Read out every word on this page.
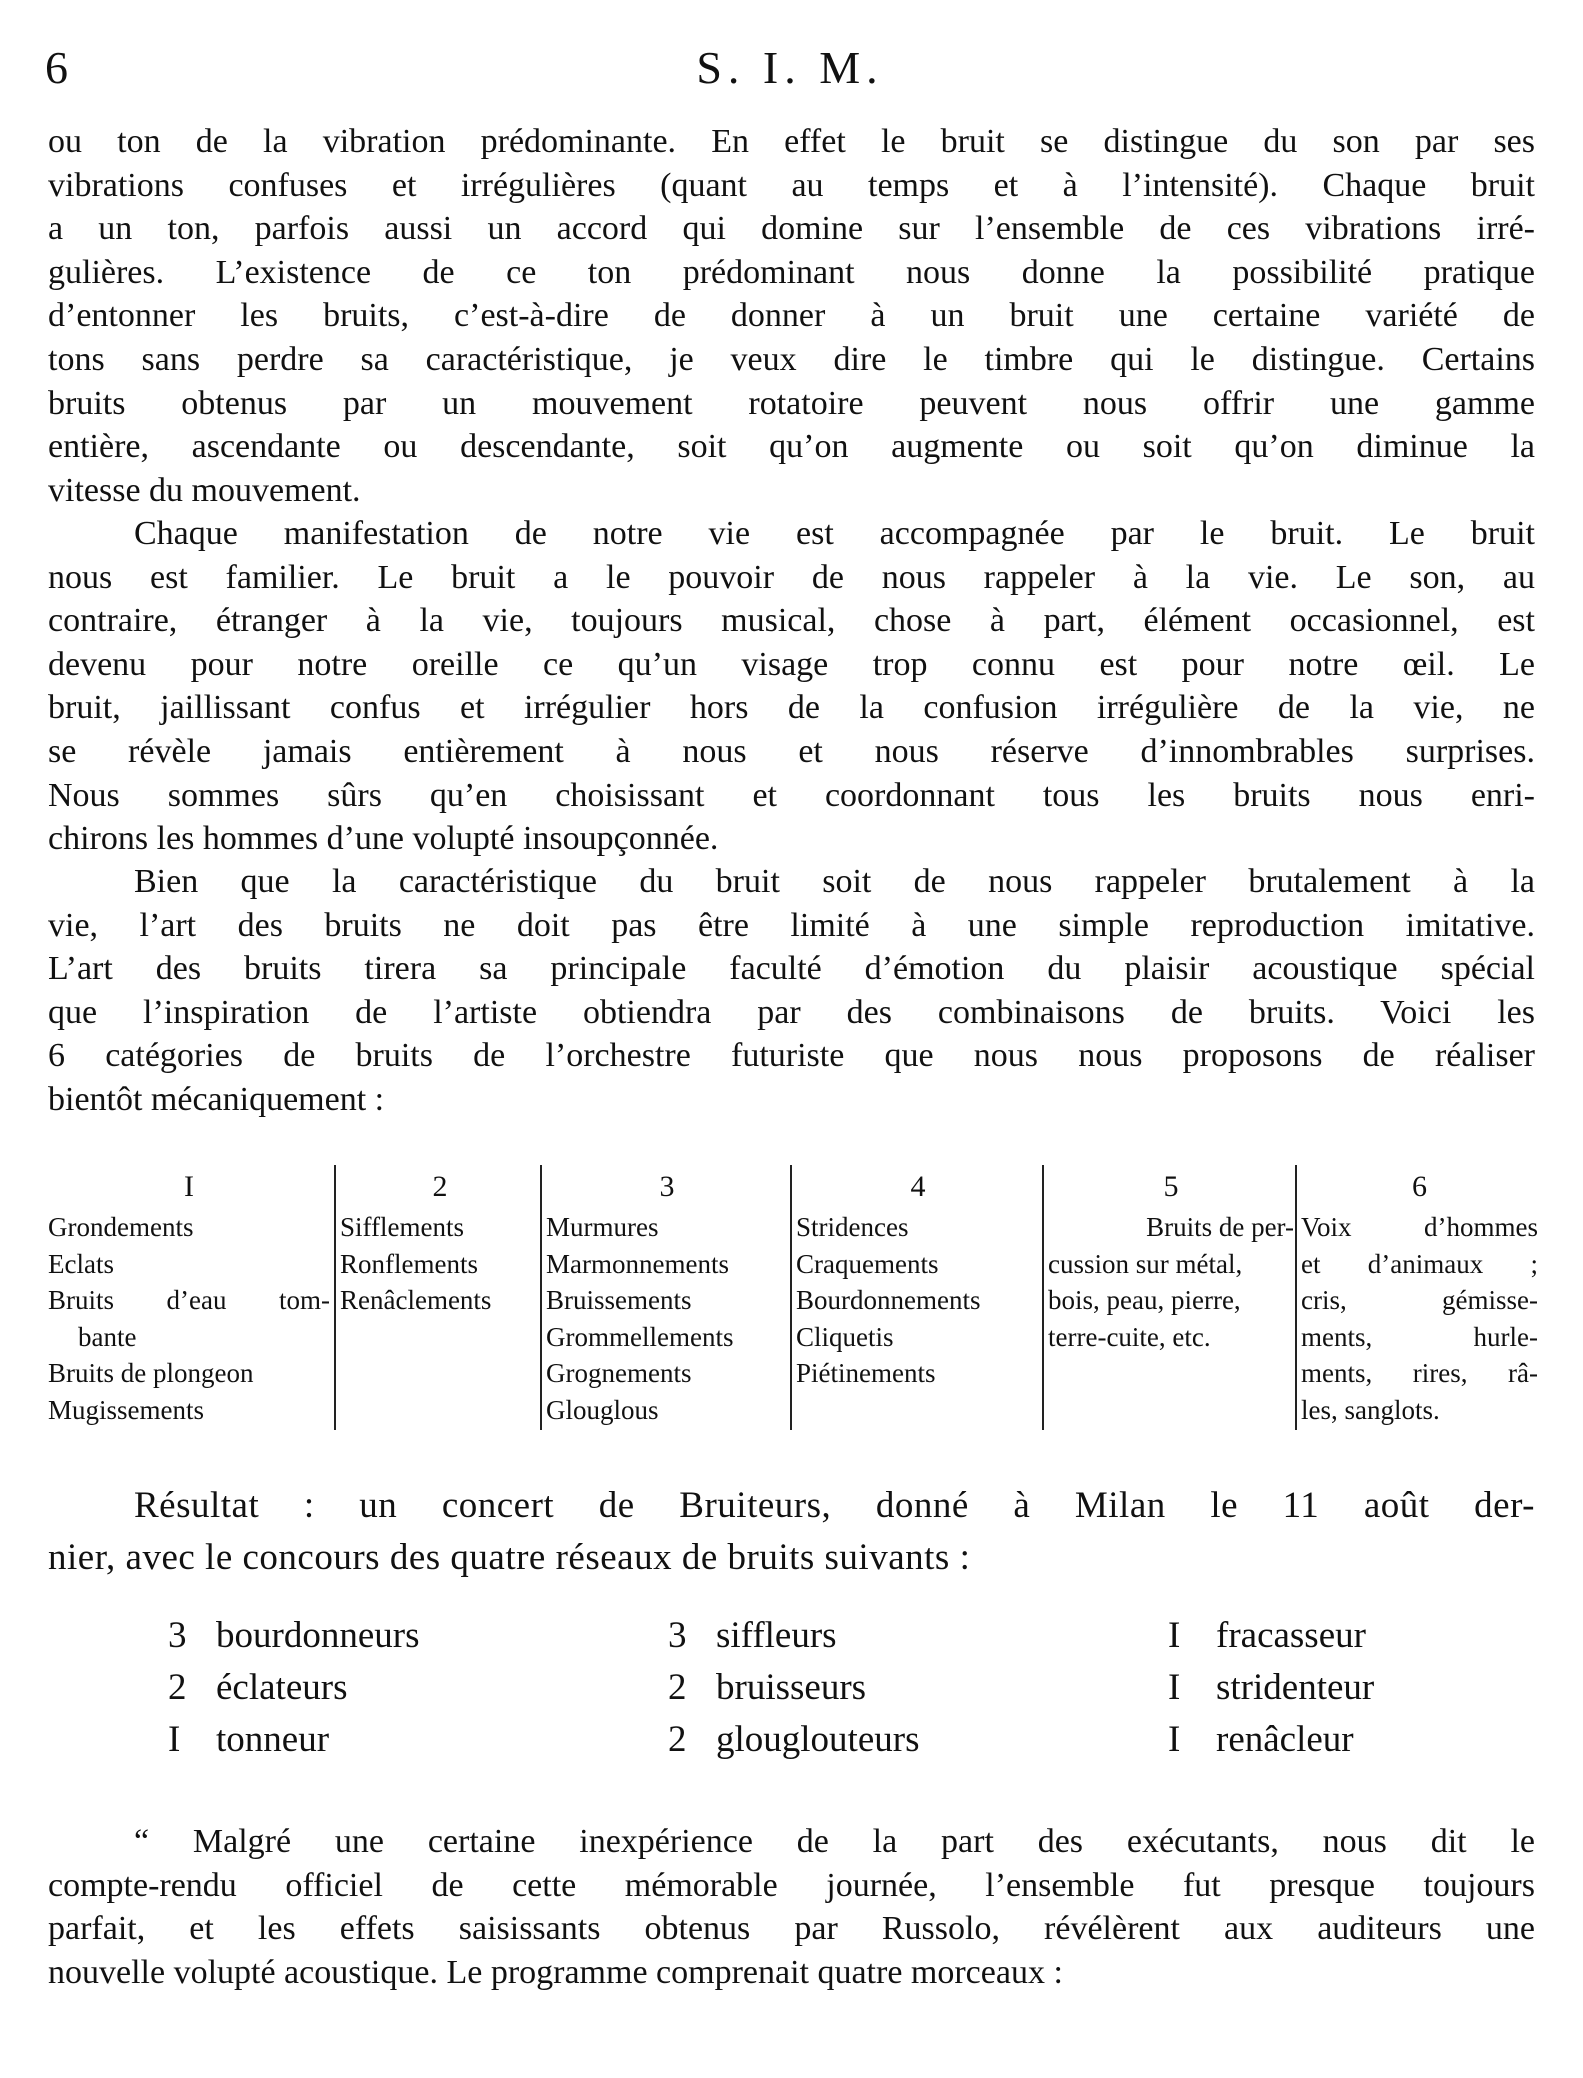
6	S. I. M.
ou ton de la vibration prédominante. En effet le bruit se distingue du son par ses
vibrations confuses et irrégulières (quant au temps et à l’intensité). Chaque bruit
a un ton, parfois aussi un accord qui domine sur l’ensemble de ces vibrations irré-
gulières. L’existence de ce ton prédominant nous donne la possibilité pratique
d’entonner les bruits, c’est-à-dire de donner à un bruit une certaine variété de
tons sans perdre sa caractéristique, je veux dire le timbre qui le distingue. Certains
bruits obtenus par un mouvement rotatoire peuvent nous offrir une gamme
entière, ascendante ou descendante, soit qu’on augmente ou soit qu’on diminue la
vitesse du mouvement.
Chaque manifestation de notre vie est accompagnée par le bruit. Le bruit
nous est familier. Le bruit a le pouvoir de nous rappeler à la vie. Le son, au
contraire, étranger à la vie, toujours musical, chose à part, élément occasionnel, est
devenu pour notre oreille ce qu’un visage trop connu est pour notre œil. Le
bruit, jaillissant confus et irrégulier hors de la confusion irrégulière de la vie, ne
se révèle jamais entièrement à nous et nous réserve d’innombrables surprises.
Nous sommes sûrs qu’en choisissant et coordonnant tous les bruits nous enri-
chirons les hommes d’une volupté insoupçonnée.
Bien que la caractéristique du bruit soit de nous rappeler brutalement à la
vie, l’art des bruits ne doit pas être limité à une simple reproduction imitative.
L’art des bruits tirera sa principale faculté d’émotion du plaisir acoustique spécial
que l’inspiration de l’artiste obtiendra par des combinaisons de bruits. Voici les
6 catégories de bruits de l’orchestre futuriste que nous nous proposons de réaliser
bientôt mécaniquement :
I
Grondements
Eclats
Bruits d’eau tom-
bante
Bruits de plongeon
Mugissements
2
Sifflements
Ronflements
Renâclements
3
Murmures
Marmonnements
Bruissements
Grommellements
Grognements
Glouglous
4
Stridences
Craquements
Bourdonnements
Cliquetis
Piétinements
5
Bruits de per-
cussion sur métal,
bois, peau, pierre,
terre-cuite, etc.
6
Voix d’hommes
et d’animaux ;
cris, gémisse-
ments, hurle-
ments, rires, râ-
les, sanglots.
Résultat : un concert de Bruiteurs, donné à Milan le 11 août der-
nier, avec le concours des quatre réseaux de bruits suivants :
3 bourdonneurs
2 éclateurs
I tonneur
3 siffleurs
2 bruisseurs
2 glouglouteurs
I fracasseur
I stridenteur
I renâcleur
“ Malgré une certaine inexpérience de la part des exécutants, nous dit le
compte-rendu officiel de cette mémorable journée, l’ensemble fut presque toujours
parfait, et les effets saisissants obtenus par Russolo, révélèrent aux auditeurs une
nouvelle volupté acoustique. Le programme comprenait quatre morceaux :
